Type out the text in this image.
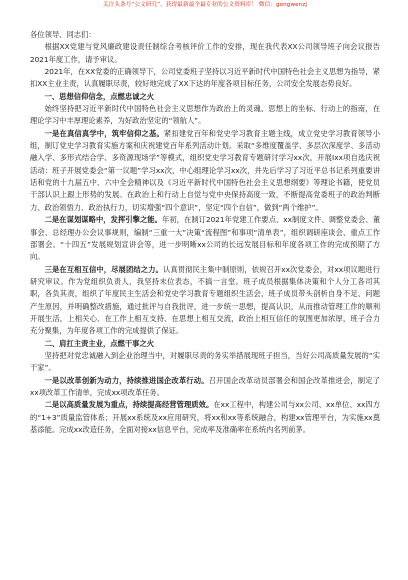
关注头条号“公文研究”，获得最新最全最专业的公文资料库！ 微信：gongwenzj

各位领导、同志们：

根据XX党建与党风廉政建设责任制综合考核评价工作的安排，现在我代表XX公司领导班子向会议报告2021年度工作，请予审议。

2021年，在XX党委的正确领导下，公司党委班子坚持以习近平新时代中国特色社会主义思想为指导，紧扣XX主业主责，认真履职尽责，较好地完成了XX下达的年度各项目标任务，公司安全发展态势良好。

一、思想信仰信念，点燃忠诚之火

始终坚持把习近平新时代中国特色社会主义思想作为政治上的灵魂、思想上的坐标、行动上的指南，在理论学习中丰厚理论素养，为好政治坚定的“领航人”。

一是在真信真学中，筑牢信仰之基。紧扣建党百年和党史学习教育主题主线，成立党史学习教育领导小组，制订党史学习教育实施方案和庆祝建党百年系列活动计划。采取“多维度覆盖学、多层次深度学、多活动融入学、多形式结合学、多资源现场学”等模式，组织党史学习教育专题研讨学习xx次，开展Ⅰxx项自选庆祝活动：班子开展党委会“第一议题”学习xx次，中心组理论学习xx次，并先后学习了习近平总书记系列重要讲话和党的十九届五中、六中全会精神以及《习近平新时代中国特色社会主义思想纲要》等理论书籍，使党员干部认识上跟上形势的发展。在政治上和行动上自觉与党中央保持高度一致，不断提高党委班子的政治判断力、政治领悟力、政治执行力，切实增强“四个意识”，坚定“四个自信”，做到“两个维护”。

二是在谋划谋略中，发挥引擎之能。年初，在制订2021年党建工作要点、xx制度文件、调整党委会、董事会、总经理办公会议事规则，编制“三重一大”决策“流程图”和事项“清单表”，组织调研座谈会、重点工作部署会。“十四五”发展规划宣讲会等，进一步明晰xx公司的长远发展目标和年度各项工作的完成预期了方向。

三是在互相互信中，尽展团结之力。认真贯彻民主集中制原则，依规召开xx次党委会，对xx项议题进行研究审议。作为党组织负责人，我坚持末位表态，不搞一言堂。班子成员根据集体决策和个人分工各司其职，各负其责，组织了年度民主生活会和党史学习教育专题组织生活会，班子成员带头剖析自身不足、问题产生原因，并明确整改措施，通过批评与自我批评，进一步统一思想，提高认识，从而推动管理工作的顺利开展生活，上相关心、在工作上相互支持、在思想上相互交流，政治上相互信任的氛围更加浓厚，班子合力充分聚集，为年度各项工作的完成提供了保证。

二、肩扛主责主业，点燃干事之火

坚持把对党忠诚融入到企业治理当中，对履职尽责的务实举措展现班子担当，当好公司高质量发展的“实干家”。

一是以改革创新为动力，持续推进国企改革行动。召开国企改革动员部署会和国企改革推进会，制定了xx项改革工作清单，完成xx项改革任务。

二是以高质量发展为重点，持续提高经营管理质效。在xx工程中，构建公司与xx公司、xx单位、xx四方的“1+3”质量监管体系；开展xx系统及xx应用研究，将xx和xx等系统融合，构建xx管理平台，为实施xx奠基添能。完成xx改造任务，全面对接xx信息平台，完成率及准确率在系统内名列前茅。
